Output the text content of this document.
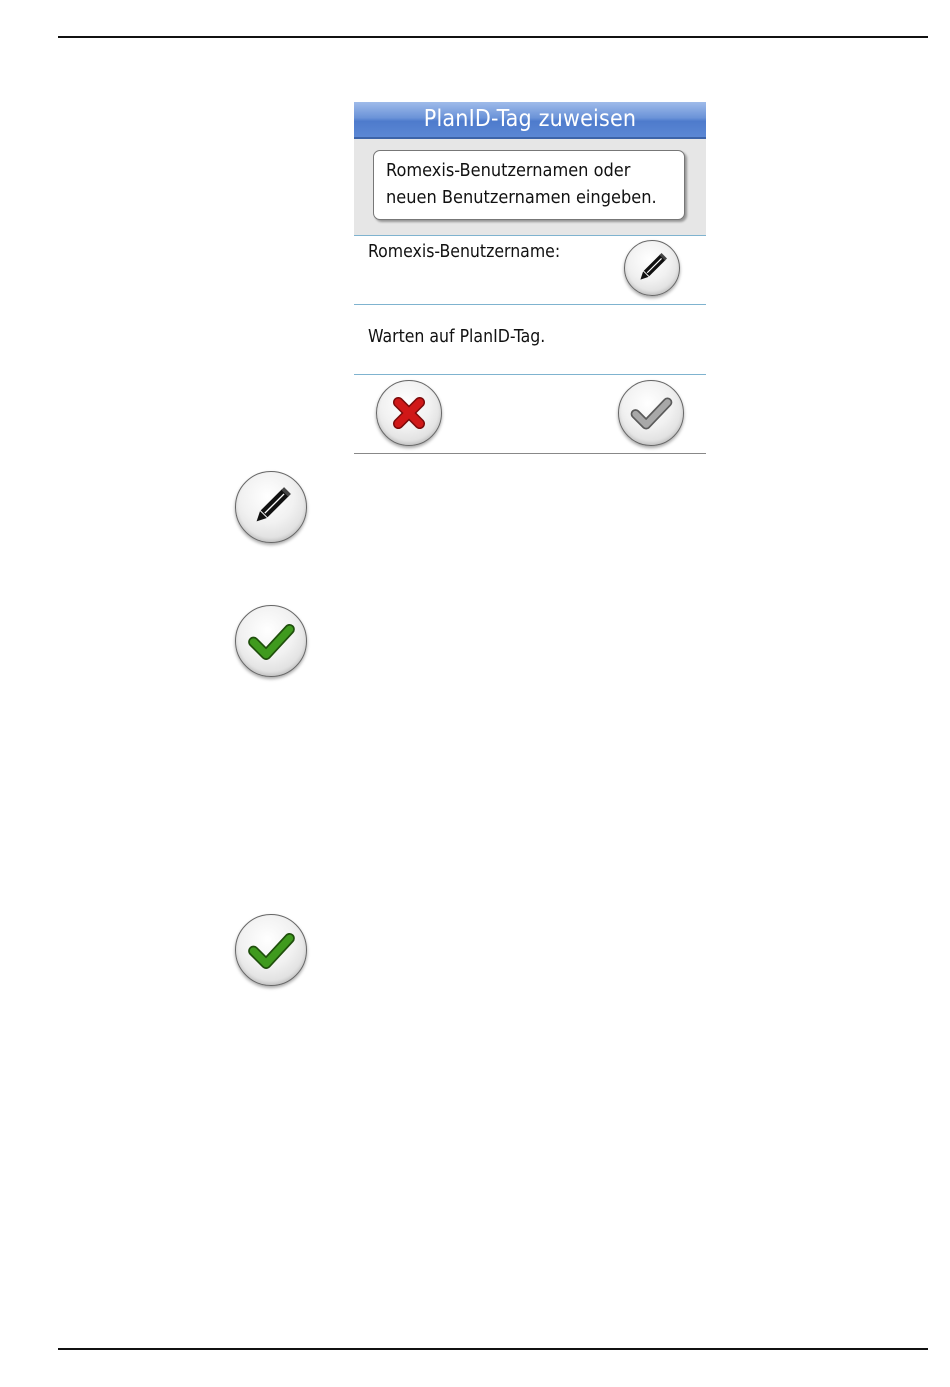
PlanID-Tag zuweisen
Romexis-Benutzernamen oder
neuen Benutzernamen eingeben.
Romexis-Benutzername:
Warten auf PlanID-Tag.
